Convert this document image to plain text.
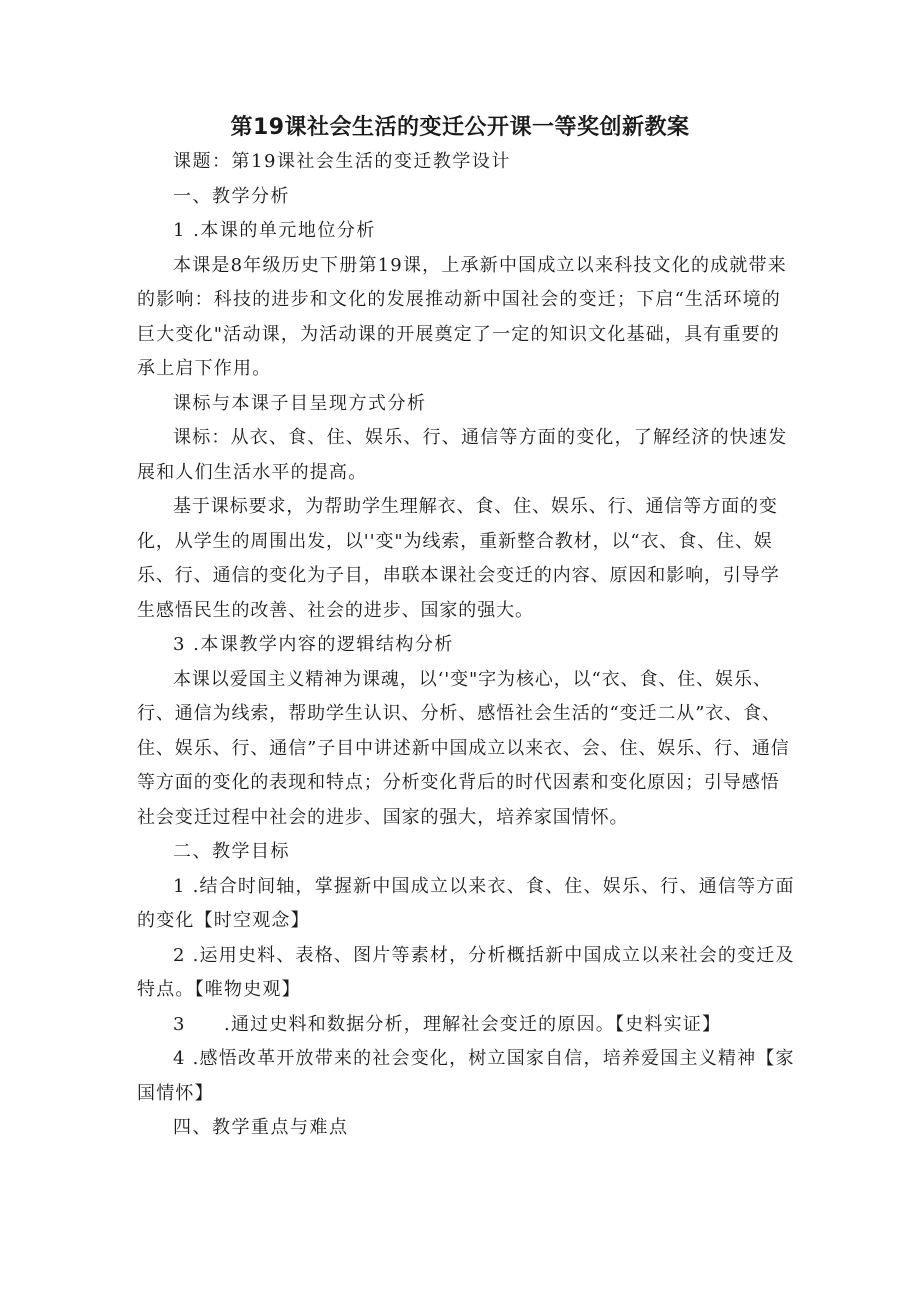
第19课社会生活的变迁公开课一等奖创新教案

课题：第19课社会生活的变迁教学设计

一、教学分析

1 .本课的单元地位分析

本课是8年级历史下册第19课，上承新中国成立以来科技文化的成就带来的影响：科技的进步和文化的发展推动新中国社会的变迁；下启“生活环境的巨大变化"活动课，为活动课的开展奠定了一定的知识文化基础，具有重要的承上启下作用。

课标与本课子目呈现方式分析

课标：从衣、食、住、娱乐、行、通信等方面的变化，了解经济的快速发展和人们生活水平的提高。

基于课标要求，为帮助学生理解衣、食、住、娱乐、行、通信等方面的变化，从学生的周围出发，以''变"为线索，重新整合教材，以“衣、食、住、娱乐、行、通信的变化为子目，串联本课社会变迁的内容、原因和影响，引导学生感悟民生的改善、社会的进步、国家的强大。

3 .本课教学内容的逻辑结构分析

本课以爱国主义精神为课魂，以‘'变"字为核心，以“衣、食、住、娱乐、行、通信为线索，帮助学生认识、分析、感悟社会生活的“变迁二从”衣、食、住、娱乐、行、通信”子目中讲述新中国成立以来衣、会、住、娱乐、行、通信等方面的变化的表现和特点；分析变化背后的时代因素和变化原因；引导感悟社会变迁过程中社会的进步、国家的强大，培养家国情怀。

二、教学目标

1 .结合时间轴，掌握新中国成立以来衣、食、住、娱乐、行、通信等方面的变化【时空观念】

2 .运用史料、表格、图片等素材，分析概括新中国成立以来社会的变迁及特点。【唯物史观】

3　　.通过史料和数据分析，理解社会变迁的原因。【史料实证】

4 .感悟改革开放带来的社会变化，树立国家自信，培养爱国主义精神【家国情怀】

四、教学重点与难点
